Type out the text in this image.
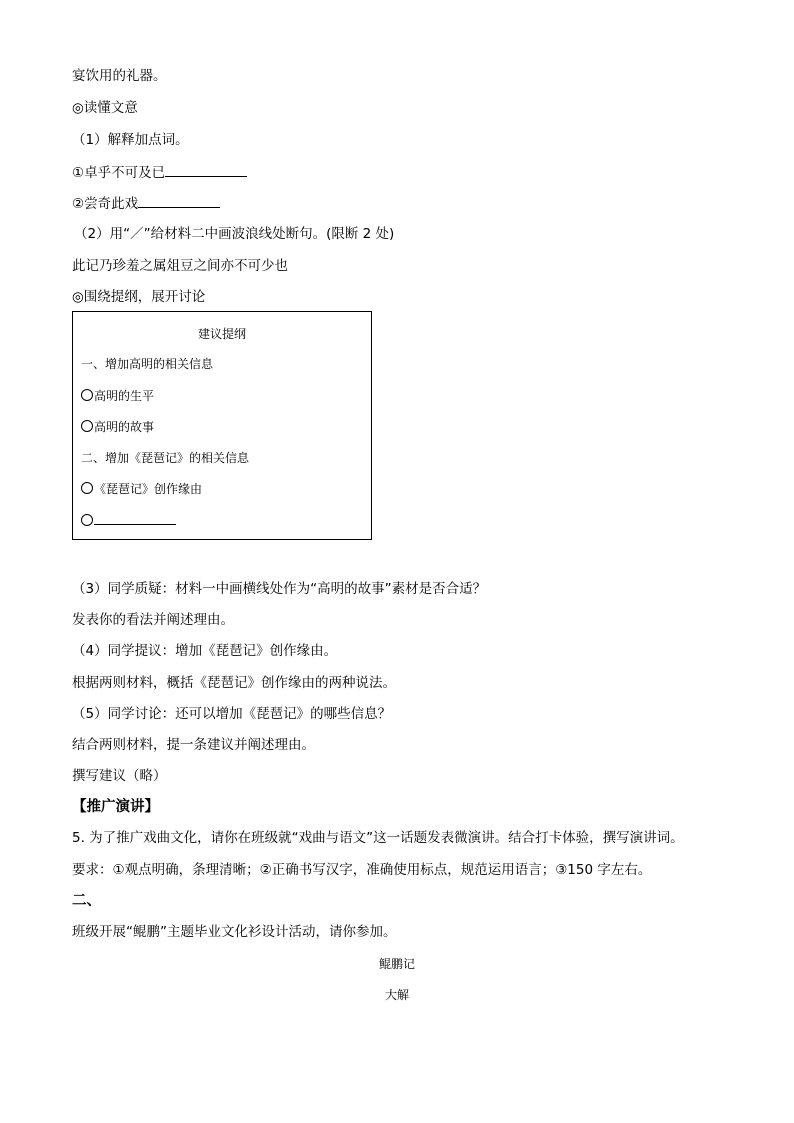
宴饮用的礼器。
◎读懂文意
（1）解释加点词。
①卓乎不可及已
②尝奇此戏
（2）用“／”给材料二中画波浪线处断句。(限断 2 处)
此记乃珍羞之属俎豆之间亦不可少也
◎围绕提纲，展开讨论
建议提纲
一、增加高明的相关信息
高明的生平
高明的故事
二、增加《琵琶记》的相关信息
《琵琶记》创作缘由
（3）同学质疑：材料一中画横线处作为“高明的故事”素材是否合适？
发表你的看法并阐述理由。
（4）同学提议：增加《琵琶记》创作缘由。
根据两则材料，概括《琵琶记》创作缘由的两种说法。
（5）同学讨论：还可以增加《琵琶记》的哪些信息？
结合两则材料，提一条建议并阐述理由。
撰写建议（略）
【推广演讲】
5. 为了推广戏曲文化，请你在班级就“戏曲与语文”这一话题发表微演讲。结合打卡体验，撰写演讲词。
要求：①观点明确，条理清晰；②正确书写汉字，准确使用标点，规范运用语言；③150 字左右。
二、
班级开展“鲲鹏”主题毕业文化衫设计活动，请你参加。
鲲鹏记
大解
